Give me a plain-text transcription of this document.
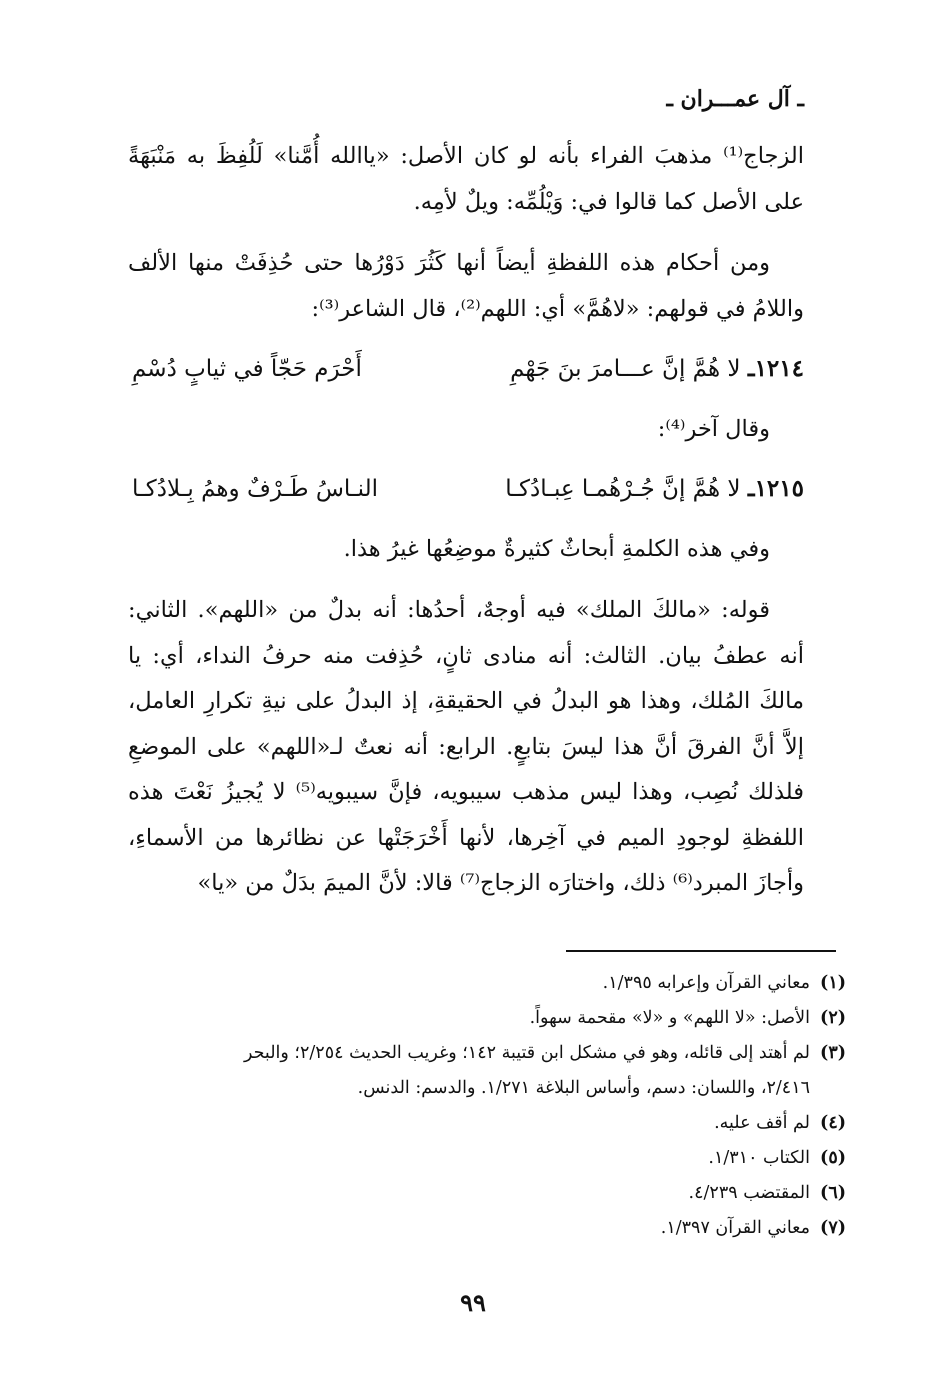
ـ آل عمـــران ـ

الزجاج⁽¹⁾ مذهبَ الفراء بأنه لو كان الأصل: «ياالله أُمَّنا» لَلُفِظَ به مَنْبَهَةً على الأصل كما قالوا في: وَيْلُمِّه: ويلٌ لأمِه.

ومن أحكام هذه اللفظةِ أيضاً أنها كَثُرَ دَوْرُها حتى حُذِفَتْ منها الألف واللامُ في قولهم: «لاهُمَّ» أي: اللهم⁽²⁾، قال الشاعر⁽³⁾:

١٢١٤ـ لا هُمَّ إنَّ عـــامرَ بنَ جَهْمِ
أَحْرَم حَجّاً في ثيابٍ دُسْمِ

وقال آخر⁽⁴⁾:

١٢١٥ـ لا هُمَّ إنَّ جُـرْهُمـا عِبـادُكـا
النـاسُ طَـرْفٌ وهمُ بِـلادُكـا

وفي هذه الكلمةِ أبحاثٌ كثيرةٌ موضِعُها غيرُ هذا.

قوله: «مالكَ الملك» فيه أوجهٌ، أحدُها: أنه بدلٌ من «اللهم». الثاني: أنه عطفُ بيان. الثالث: أنه منادى ثانٍ، حُذِفت منه حرفُ النداء، أي: يا مالكَ المُلك، وهذا هو البدلُ في الحقيقةِ، إذ البدلُ على نيةِ تكرارِ العامل، إلاَّ أنَّ الفرقَ أنَّ هذا ليسَ بتابعٍ. الرابع: أنه نعتٌ لـ«اللهم» على الموضعِ فلذلك نُصِب، وهذا ليس مذهب سيبويه، فإنَّ سيبويه⁽⁵⁾ لا يُجيزُ نَعْتَ هذه اللفظةِ لوجودِ الميم في آخِرها، لأنها أَخْرَجَتْها عن نظائرها من الأسماءِ، وأجازَ المبرد⁽⁶⁾ ذلك، واختارَه الزجاج⁽⁷⁾ قالا: لأنَّ الميمَ بدَلٌ من «يا»

(١)
معاني القرآن وإعرابه ١/٣٩٥.
(٢)
الأصل: «لا اللهم» و «لا» مقحمة سهواً.
(٣)
لم أهتد إلى قائله، وهو في مشكل ابن قتيبة ١٤٢؛ وغريب الحديث ٢/٢٥٤؛ والبحر
٢/٤١٦، واللسان: دسم، وأساس البلاغة ١/٢٧١. والدسم: الدنس.
(٤)
لم أقف عليه.
(٥)
الكتاب ١/٣١٠.
(٦)
المقتضب ٤/٢٣٩.
(٧)
معاني القرآن ١/٣٩٧.
٩٩
